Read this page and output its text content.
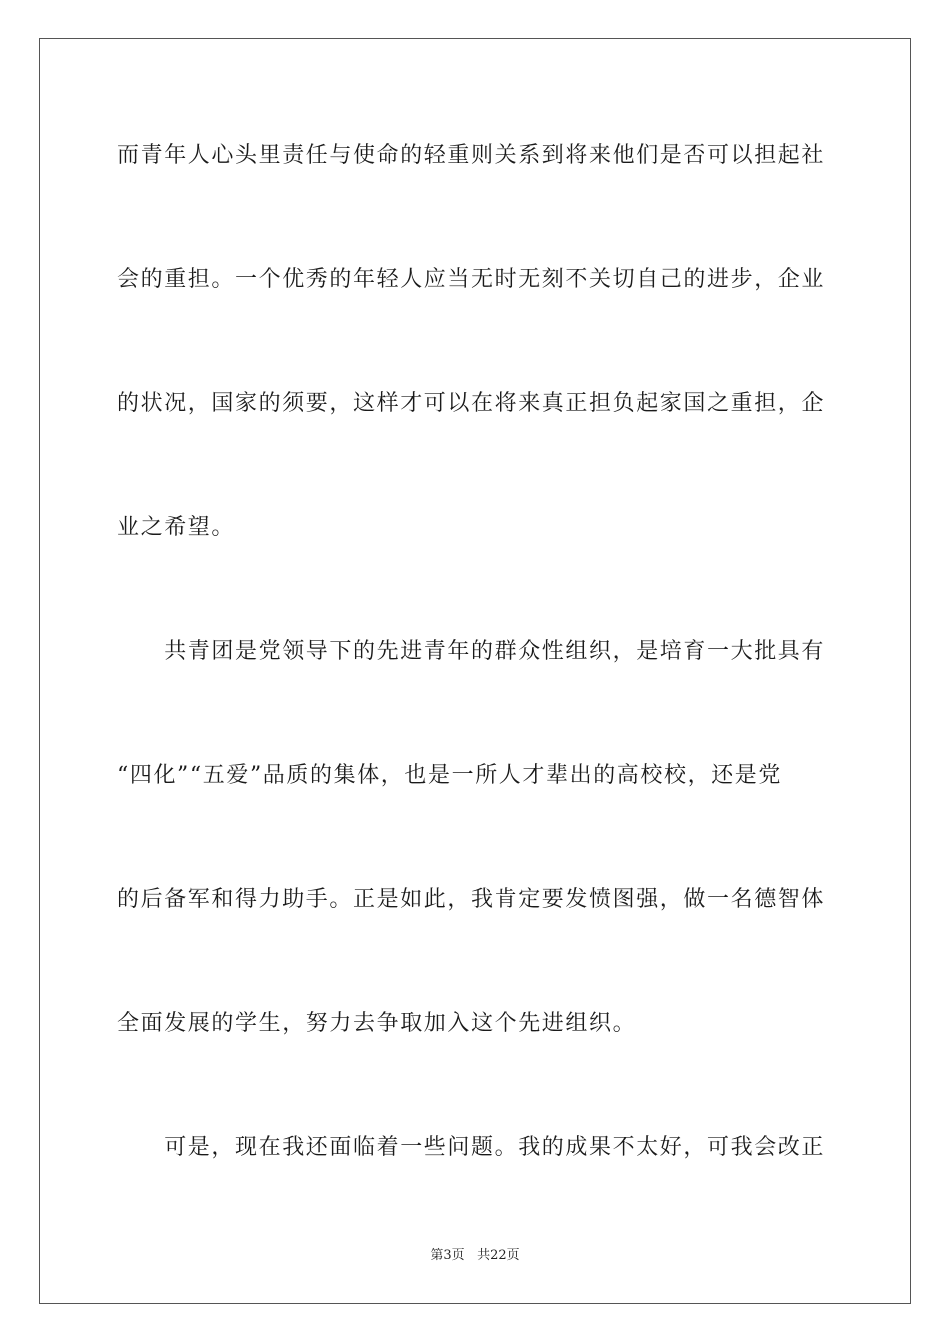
而青年人心头里责任与使命的轻重则关系到将来他们是否可以担起社
会的重担。一个优秀的年轻人应当无时无刻不关切自己的进步，企业
的状况，国家的须要，这样才可以在将来真正担负起家国之重担，企
业之希望。
　　共青团是党领导下的先进青年的群众性组织，是培育一大批具有
“四化”“五爱”品质的集体，也是一所人才辈出的高校校，还是党
的后备军和得力助手。正是如此，我肯定要发愤图强，做一名德智体
全面发展的学生，努力去争取加入这个先进组织。
　　可是，现在我还面临着一些问题。我的成果不太好，可我会改正
第3页 共22页
